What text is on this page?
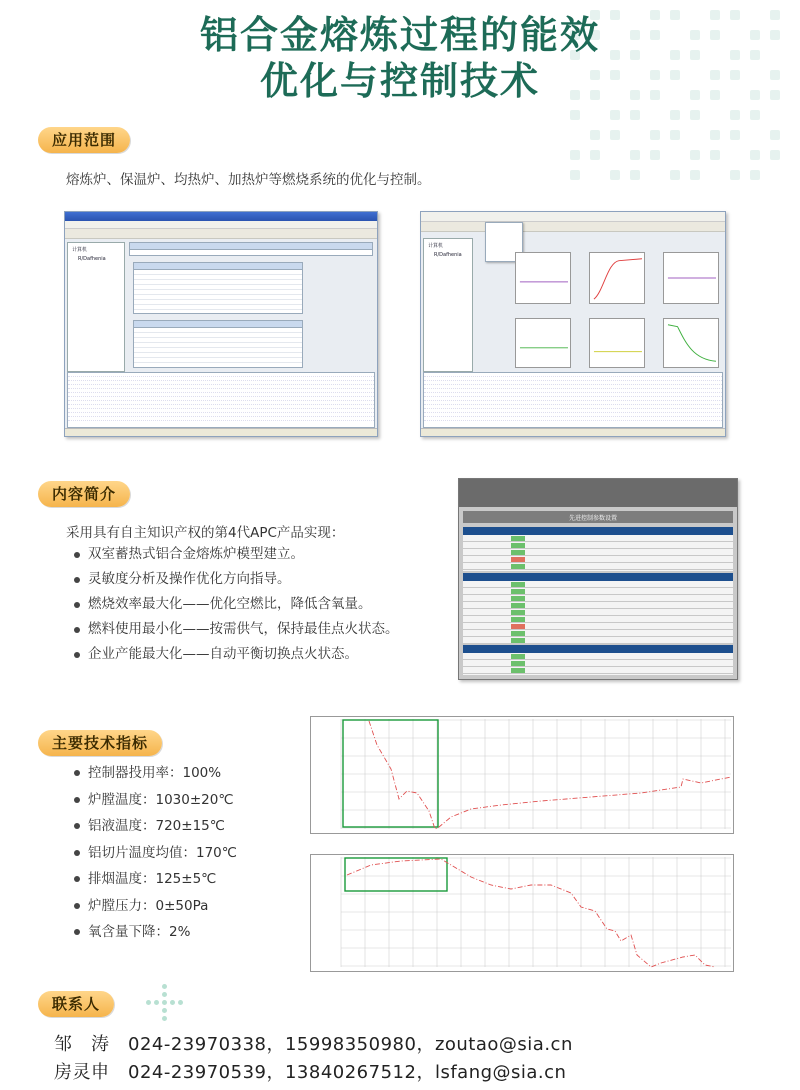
铝合金熔炼过程的能效
优化与控制技术
应用范围
熔炼炉、保温炉、均热炉、加热炉等燃烧系统的优化与控制。
计算机
R/Dafhenia
计算机
R/Dafhenia
内容简介
采用具有自主知识产权的第4代APC产品实现：
双室蓄热式铝合金熔炼炉模型建立。
灵敏度分析及操作优化方向指导。
燃烧效率最大化——优化空燃比，降低含氧量。
燃料使用最小化——按需供气，保持最佳点火状态。
企业产能最大化——自动平衡切换点火状态。
先进控制参数设置
主要技术指标
控制器投用率：100%
炉膛温度：1030±20℃
铝液温度：720±15℃
铝切片温度均值：170℃
排烟温度：125±5℃
炉膛压力：0±50Pa
氧含量下降：2%
联系人
邹　涛　024-23970338，15998350980，zoutao@sia.cn
房灵申　024-23970539，13840267512，lsfang@sia.cn
